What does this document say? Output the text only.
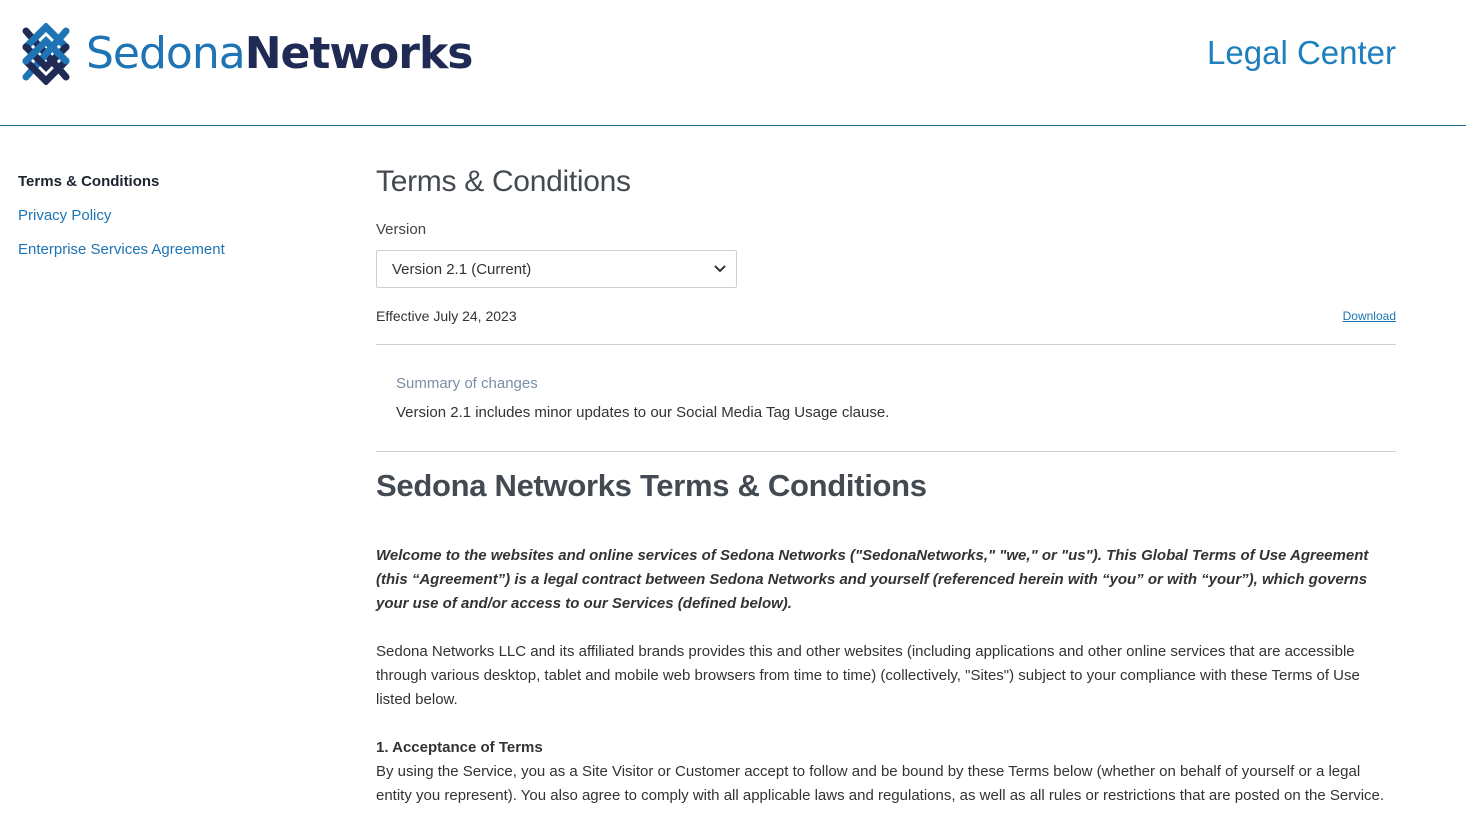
SedonaNetworks	Legal Center
Terms & Conditions
Privacy Policy
Enterprise Services Agreement
Terms & Conditions
Version
Version 2.1 (Current)
Effective July 24, 2023	Download
Summary of changes
Version 2.1 includes minor updates to our Social Media Tag Usage clause.
Sedona Networks Terms & Conditions

Welcome to the websites and online services of Sedona Networks ("SedonaNetworks," "we," or "us"). This Global Terms of Use Agreement (this “Agreement”) is a legal contract between Sedona Networks and yourself (referenced herein with “you” or with “your”), which governs your use of and/or access to our Services (defined below).

Sedona Networks LLC and its affiliated brands provides this and other websites (including applications and other online services that are accessible through various desktop, tablet and mobile web browsers from time to time) (collectively, "Sites") subject to your compliance with these Terms of Use listed below.

1. Acceptance of Terms

By using the Service, you as a Site Visitor or Customer accept to follow and be bound by these Terms below (whether on behalf of yourself or a legal entity you represent). You also agree to comply with all applicable laws and regulations, as well as all rules or restrictions that are posted on the Service.
